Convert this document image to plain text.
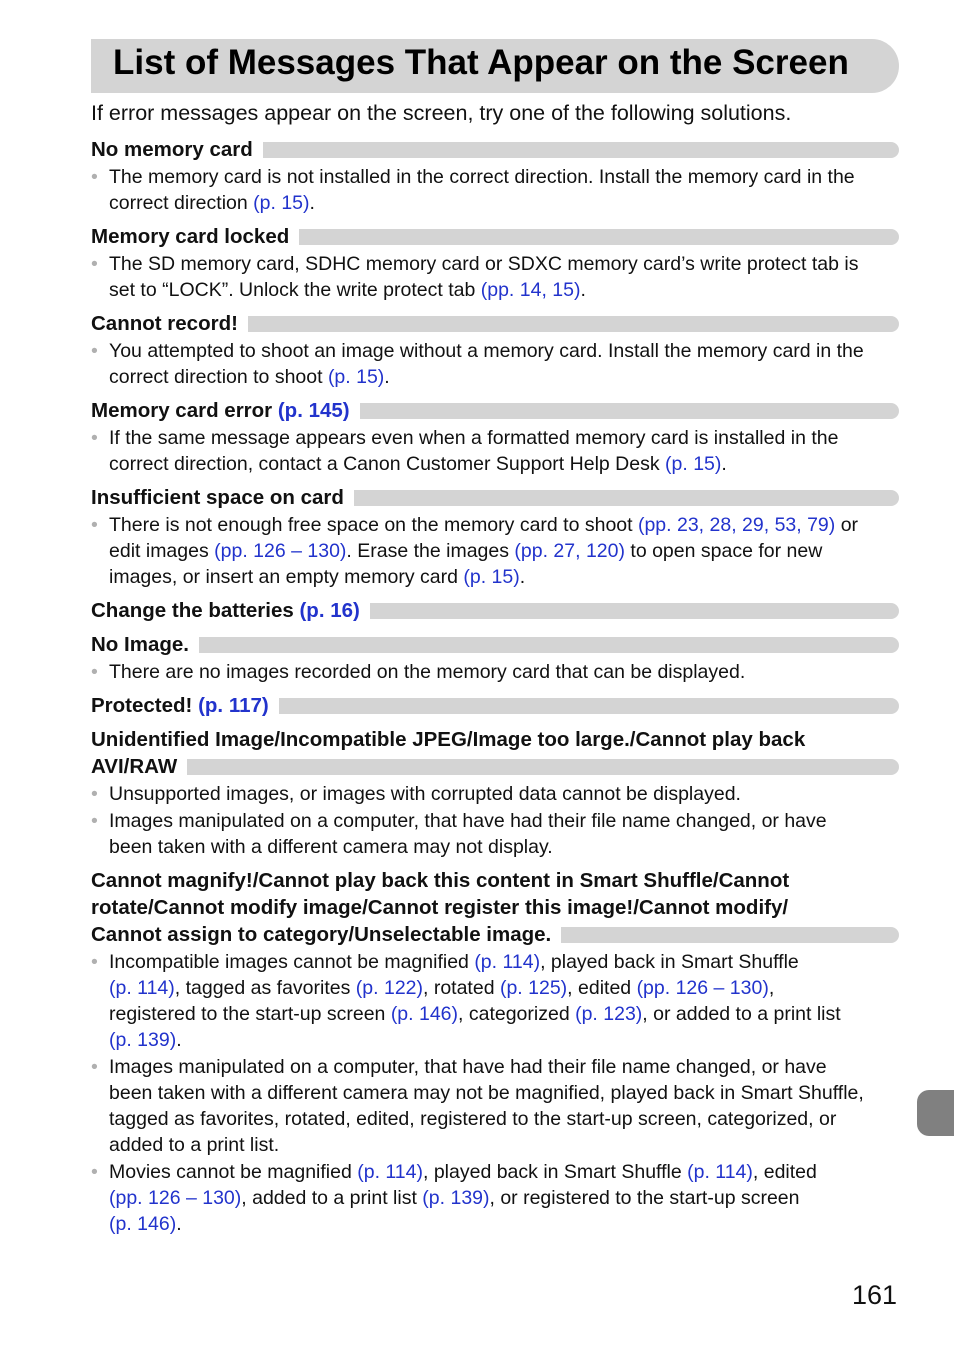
List of Messages That Appear on the Screen
If error messages appear on the screen, try one of the following solutions.
No memory card
• The memory card is not installed in the correct direction. Install the memory card in the
correct direction (p. 15).
Memory card locked
• The SD memory card, SDHC memory card or SDXC memory card’s write protect tab is
set to “LOCK”. Unlock the write protect tab (pp. 14, 15).
Cannot record!
• You attempted to shoot an image without a memory card. Install the memory card in the
correct direction to shoot (p. 15).
Memory card error (p. 145)
• If the same message appears even when a formatted memory card is installed in the
correct direction, contact a Canon Customer Support Help Desk (p. 15).
Insufficient space on card
• There is not enough free space on the memory card to shoot (pp. 23, 28, 29, 53, 79) or
edit images (pp. 126 – 130). Erase the images (pp. 27, 120) to open space for new
images, or insert an empty memory card (p. 15).
Change the batteries (p. 16)
No Image.
• There are no images recorded on the memory card that can be displayed.
Protected! (p. 117)
Unidentified Image/Incompatible JPEG/Image too large./Cannot play back
AVI/RAW
• Unsupported images, or images with corrupted data cannot be displayed.
• Images manipulated on a computer, that have had their file name changed, or have
been taken with a different camera may not display.
Cannot magnify!/Cannot play back this content in Smart Shuffle/Cannot
rotate/Cannot modify image/Cannot register this image!/Cannot modify/
Cannot assign to category/Unselectable image.
• Incompatible images cannot be magnified (p. 114), played back in Smart Shuffle
(p. 114), tagged as favorites (p. 122), rotated (p. 125), edited (pp. 126 – 130),
registered to the start-up screen (p. 146), categorized (p. 123), or added to a print list
(p. 139).
• Images manipulated on a computer, that have had their file name changed, or have
been taken with a different camera may not be magnified, played back in Smart Shuffle,
tagged as favorites, rotated, edited, registered to the start-up screen, categorized, or
added to a print list.
• Movies cannot be magnified (p. 114), played back in Smart Shuffle (p. 114), edited
(pp. 126 – 130), added to a print list (p. 139), or registered to the start-up screen
(p. 146).
161
